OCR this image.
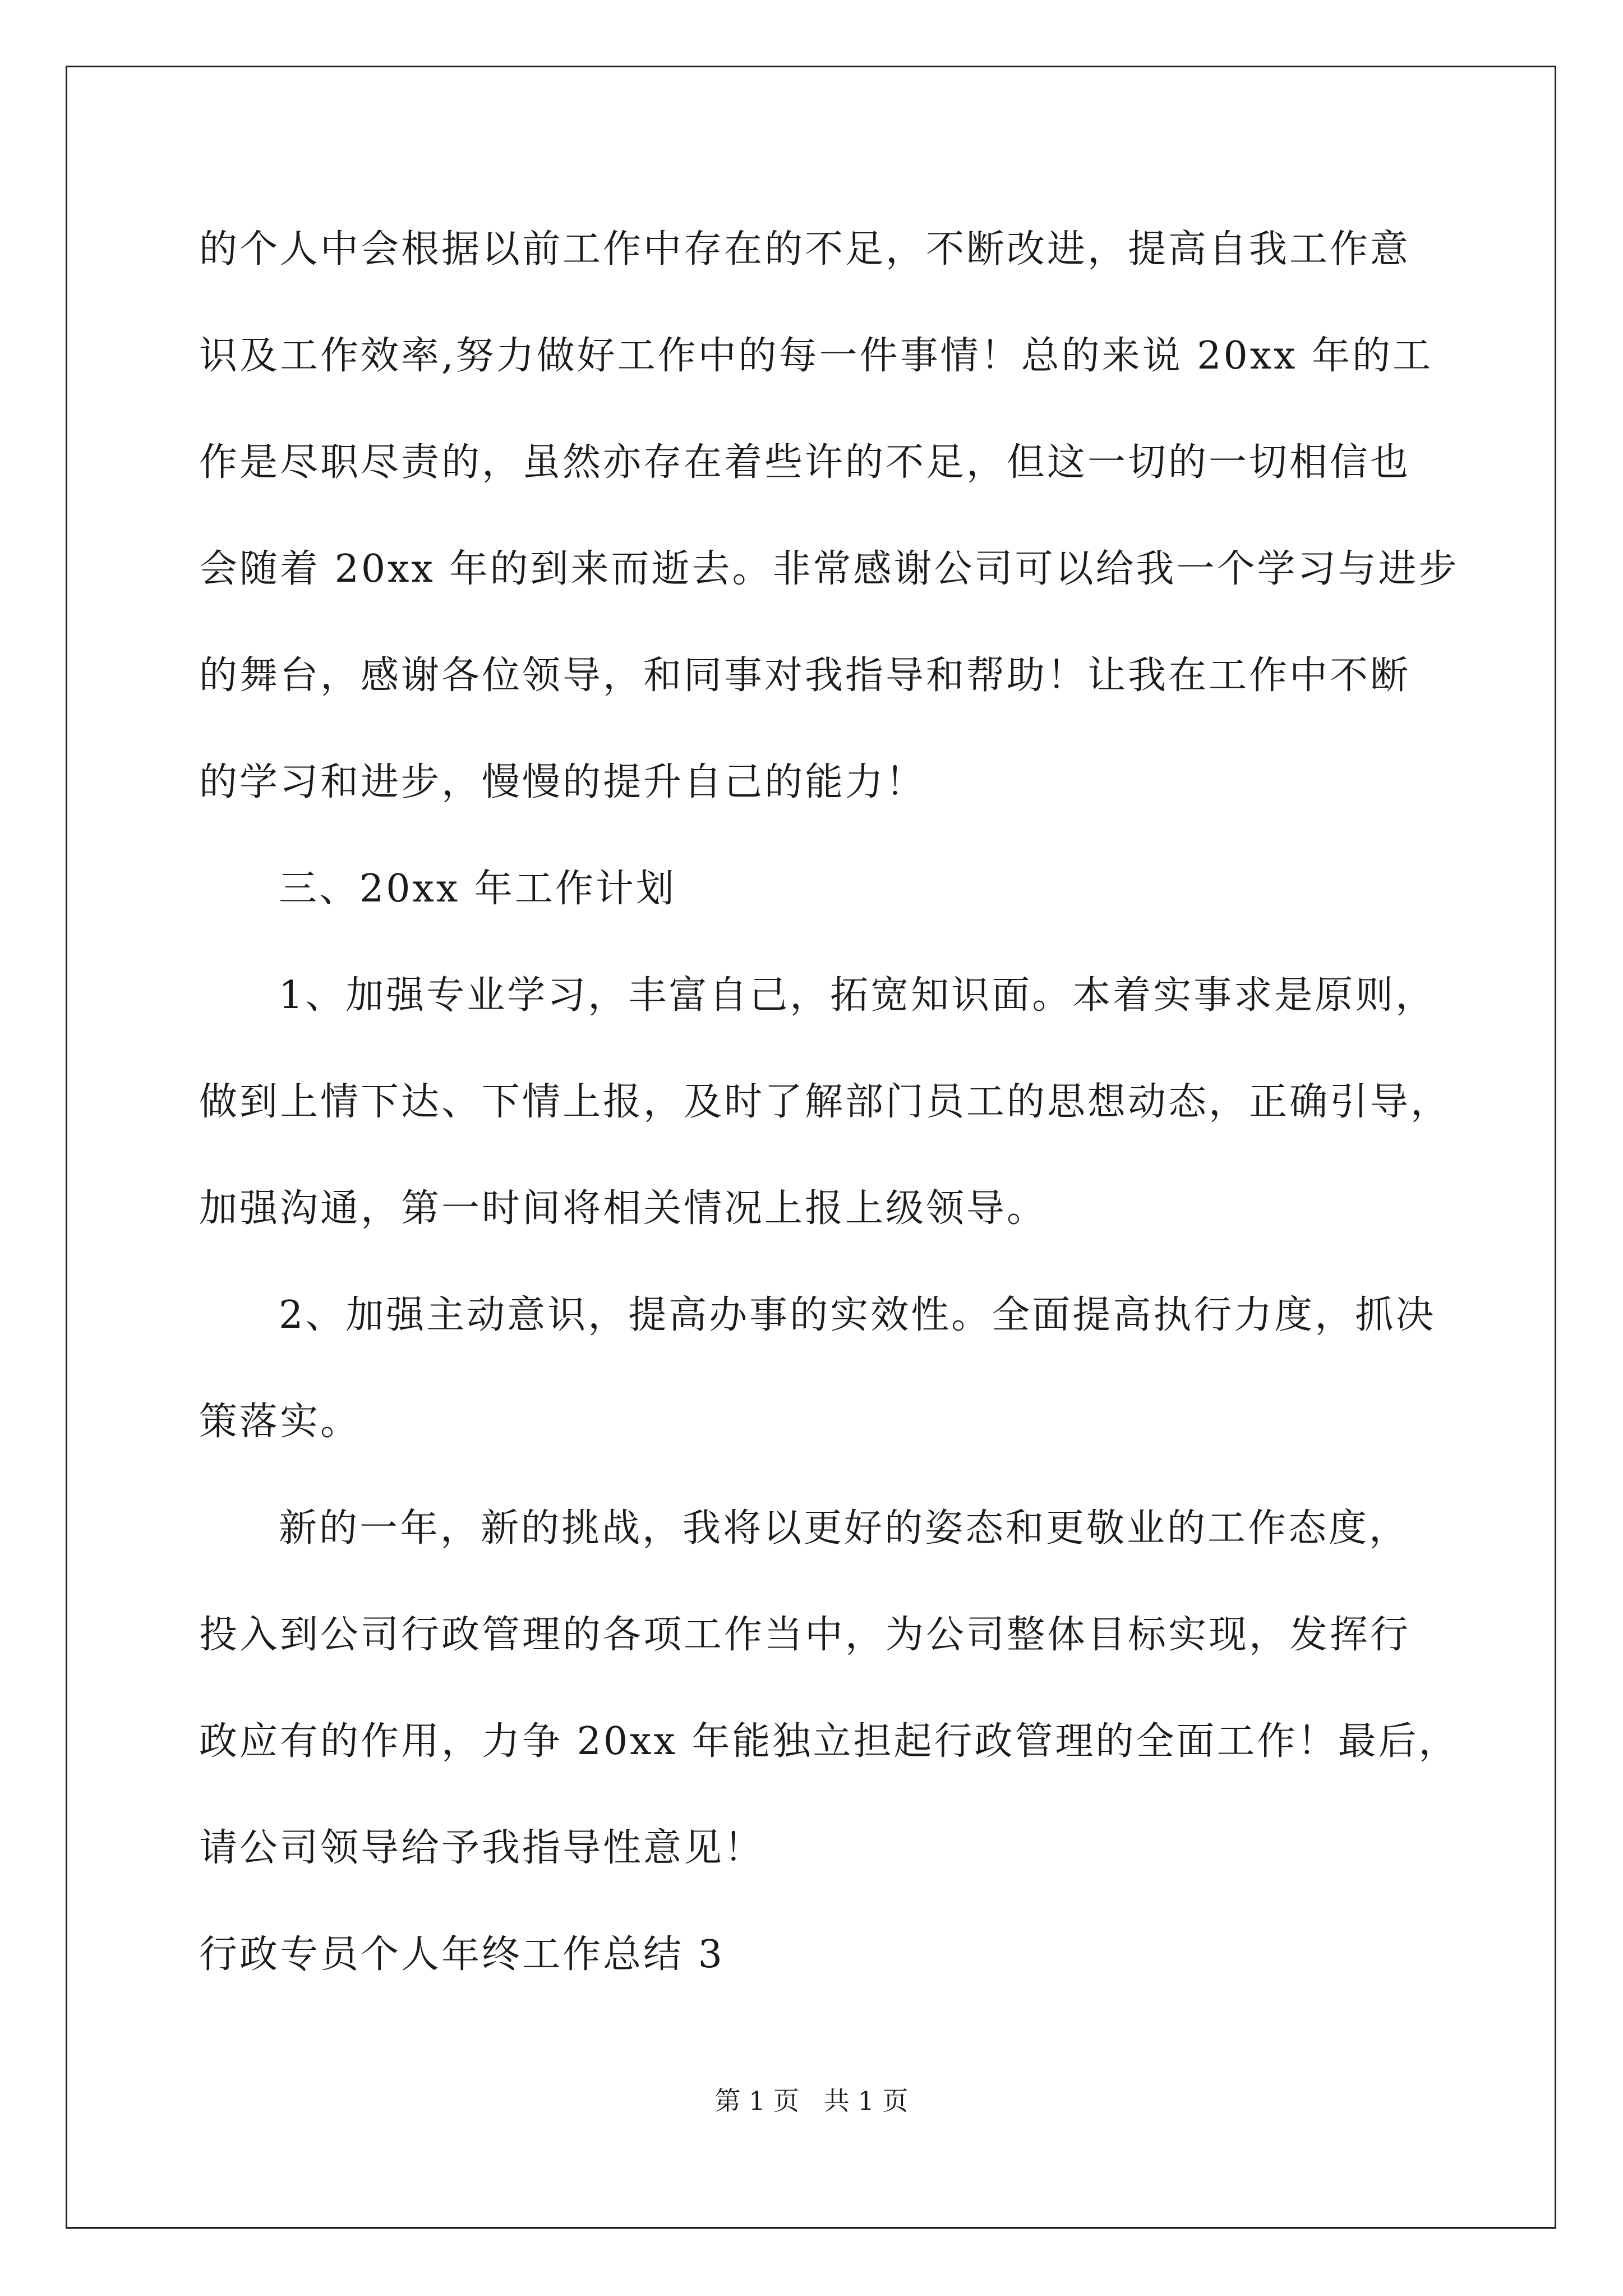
的个人中会根据以前工作中存在的不足，不断改进，提高自我工作意
识及工作效率,努力做好工作中的每一件事情！总的来说 20xx 年的工
作是尽职尽责的，虽然亦存在着些许的不足，但这一切的一切相信也
会随着 20xx 年的到来而逝去。非常感谢公司可以给我一个学习与进步
的舞台，感谢各位领导，和同事对我指导和帮助！让我在工作中不断
的学习和进步，慢慢的提升自己的能力！
三、20xx 年工作计划
1、加强专业学习，丰富自己，拓宽知识面。本着实事求是原则，
做到上情下达、下情上报，及时了解部门员工的思想动态，正确引导，
加强沟通，第一时间将相关情况上报上级领导。
2、加强主动意识，提高办事的实效性。全面提高执行力度，抓决
策落实。
新的一年，新的挑战，我将以更好的姿态和更敬业的工作态度，
投入到公司行政管理的各项工作当中，为公司整体目标实现，发挥行
政应有的作用，力争 20xx 年能独立担起行政管理的全面工作！最后，
请公司领导给予我指导性意见！
行政专员个人年终工作总结 3
第 1 页   共 1 页
